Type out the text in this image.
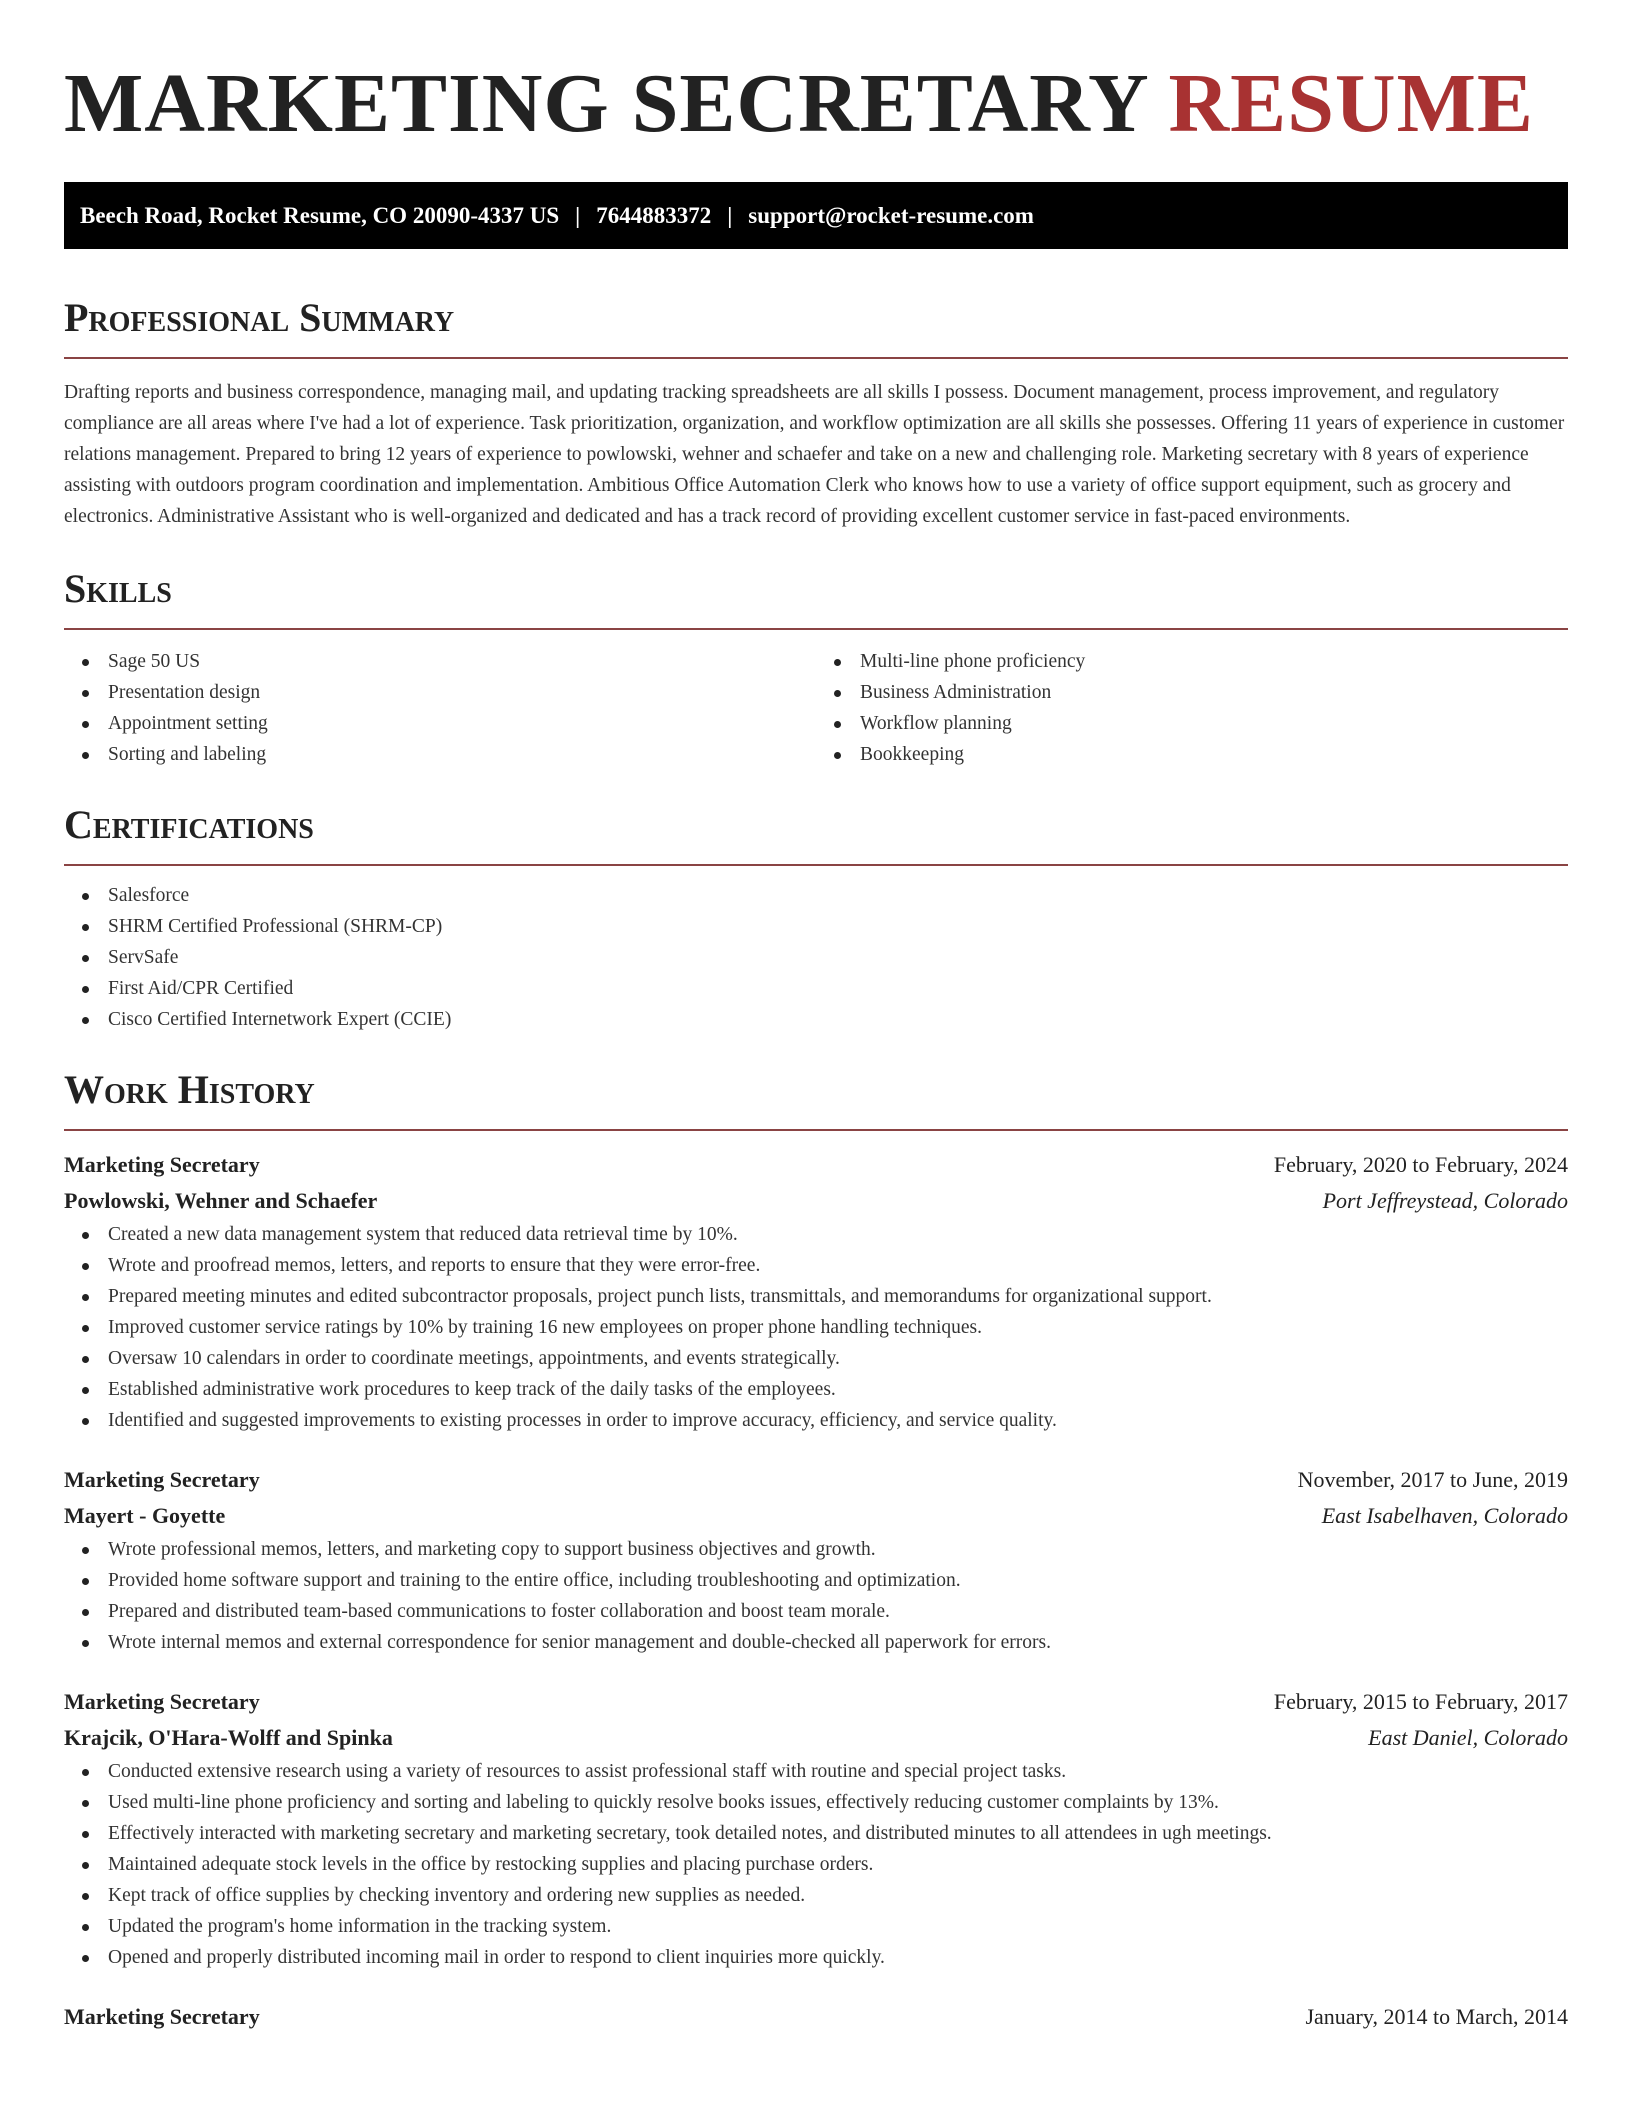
MARKETING SECRETARY RESUME
Beech Road, Rocket Resume, CO 20090-4337 US | 7644883372 | support@rocket-resume.com
Professional Summary

Drafting reports and business correspondence, managing mail, and updating tracking spreadsheets are all skills I possess. Document management, process improvement, and regulatory compliance are all areas where I've had a lot of experience. Task prioritization, organization, and workflow optimization are all skills she possesses. Offering 11 years of experience in customer relations management. Prepared to bring 12 years of experience to powlowski, wehner and schaefer and take on a new and challenging role. Marketing secretary with 8 years of experience assisting with outdoors program coordination and implementation. Ambitious Office Automation Clerk who knows how to use a variety of office support equipment, such as grocery and electronics. Administrative Assistant who is well-organized and dedicated and has a track record of providing excellent customer service in fast-paced environments.

Skills
Sage 50 US
Presentation design
Appointment setting
Sorting and labeling
Multi-line phone proficiency
Business Administration
Workflow planning
Bookkeeping
Certifications
Salesforce
SHRM Certified Professional (SHRM-CP)
ServSafe
First Aid/CPR Certified
Cisco Certified Internetwork Expert (CCIE)
Work History
Marketing Secretary	February, 2020 to February, 2024
Powlowski, Wehner and Schaefer	Port Jeffreystead, Colorado
Created a new data management system that reduced data retrieval time by 10%.
Wrote and proofread memos, letters, and reports to ensure that they were error-free.
Prepared meeting minutes and edited subcontractor proposals, project punch lists, transmittals, and memorandums for organizational support.
Improved customer service ratings by 10% by training 16 new employees on proper phone handling techniques.
Oversaw 10 calendars in order to coordinate meetings, appointments, and events strategically.
Established administrative work procedures to keep track of the daily tasks of the employees.
Identified and suggested improvements to existing processes in order to improve accuracy, efficiency, and service quality.
Marketing Secretary	November, 2017 to June, 2019
Mayert - Goyette	East Isabelhaven, Colorado
Wrote professional memos, letters, and marketing copy to support business objectives and growth.
Provided home software support and training to the entire office, including troubleshooting and optimization.
Prepared and distributed team-based communications to foster collaboration and boost team morale.
Wrote internal memos and external correspondence for senior management and double-checked all paperwork for errors.
Marketing Secretary	February, 2015 to February, 2017
Krajcik, O'Hara-Wolff and Spinka	East Daniel, Colorado
Conducted extensive research using a variety of resources to assist professional staff with routine and special project tasks.
Used multi-line phone proficiency and sorting and labeling to quickly resolve books issues, effectively reducing customer complaints by 13%.
Effectively interacted with marketing secretary and marketing secretary, took detailed notes, and distributed minutes to all attendees in ugh meetings.
Maintained adequate stock levels in the office by restocking supplies and placing purchase orders.
Kept track of office supplies by checking inventory and ordering new supplies as needed.
Updated the program's home information in the tracking system.
Opened and properly distributed incoming mail in order to respond to client inquiries more quickly.
Marketing Secretary	January, 2014 to March, 2014
